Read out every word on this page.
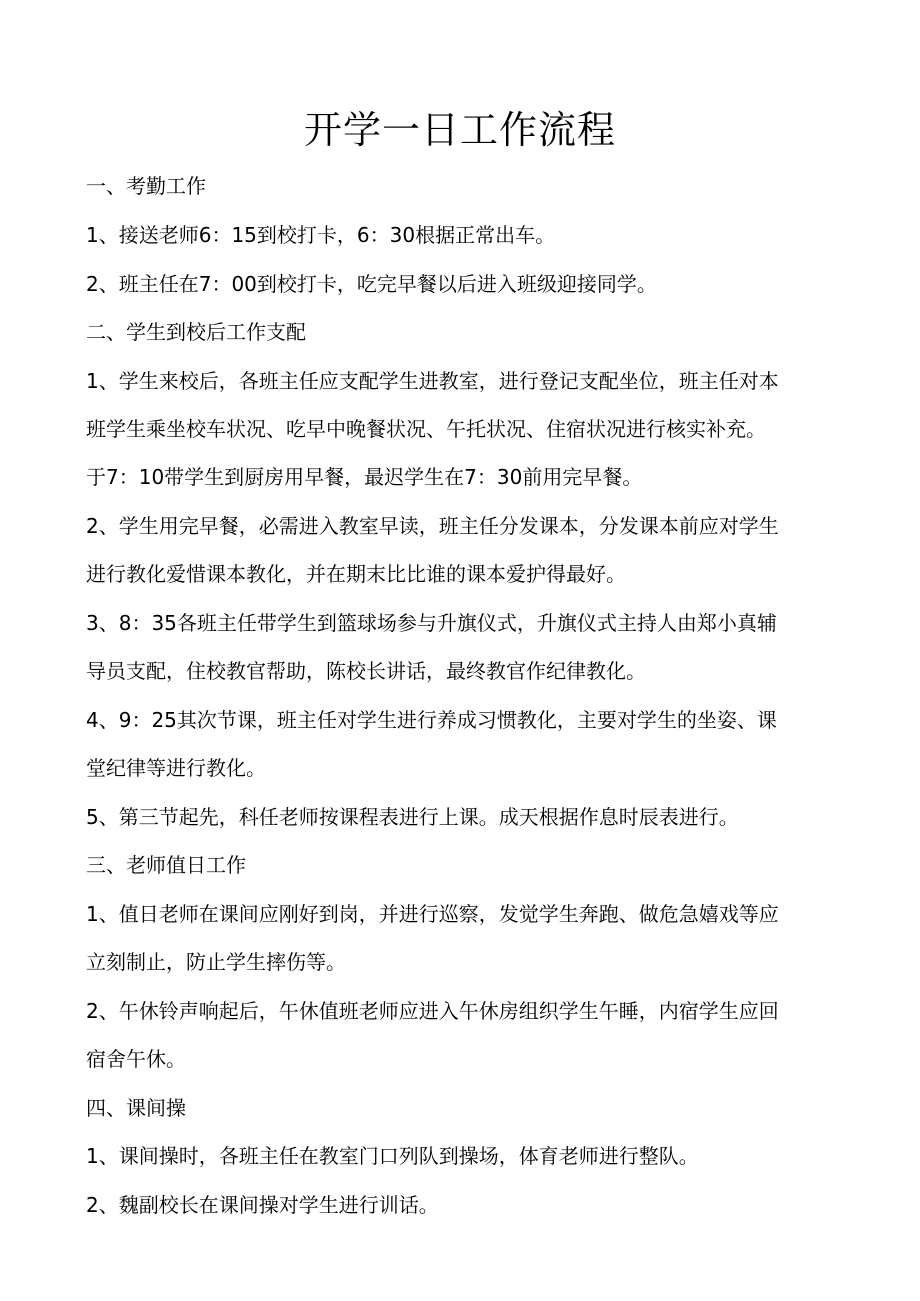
开学一日工作流程
一、考勤工作
1、接送老师6：15到校打卡，6：30根据正常出车。
2、班主任在7：00到校打卡，吃完早餐以后进入班级迎接同学。
二、学生到校后工作支配
1、学生来校后，各班主任应支配学生进教室，进行登记支配坐位，班主任对本
班学生乘坐校车状况、吃早中晚餐状况、午托状况、住宿状况进行核实补充。
于7：10带学生到厨房用早餐，最迟学生在7：30前用完早餐。
2、学生用完早餐，必需进入教室早读，班主任分发课本，分发课本前应对学生
进行教化爱惜课本教化，并在期末比比谁的课本爱护得最好。
3、8：35各班主任带学生到篮球场参与升旗仪式，升旗仪式主持人由郑小真辅
导员支配，住校教官帮助，陈校长讲话，最终教官作纪律教化。
4、9：25其次节课，班主任对学生进行养成习惯教化，主要对学生的坐姿、课
堂纪律等进行教化。
5、第三节起先，科任老师按课程表进行上课。成天根据作息时辰表进行。
三、老师值日工作
1、值日老师在课间应刚好到岗，并进行巡察，发觉学生奔跑、做危急嬉戏等应
立刻制止，防止学生摔伤等。
2、午休铃声响起后，午休值班老师应进入午休房组织学生午睡，内宿学生应回
宿舍午休。
四、课间操
1、课间操时，各班主任在教室门口列队到操场，体育老师进行整队。
2、魏副校长在课间操对学生进行训话。
